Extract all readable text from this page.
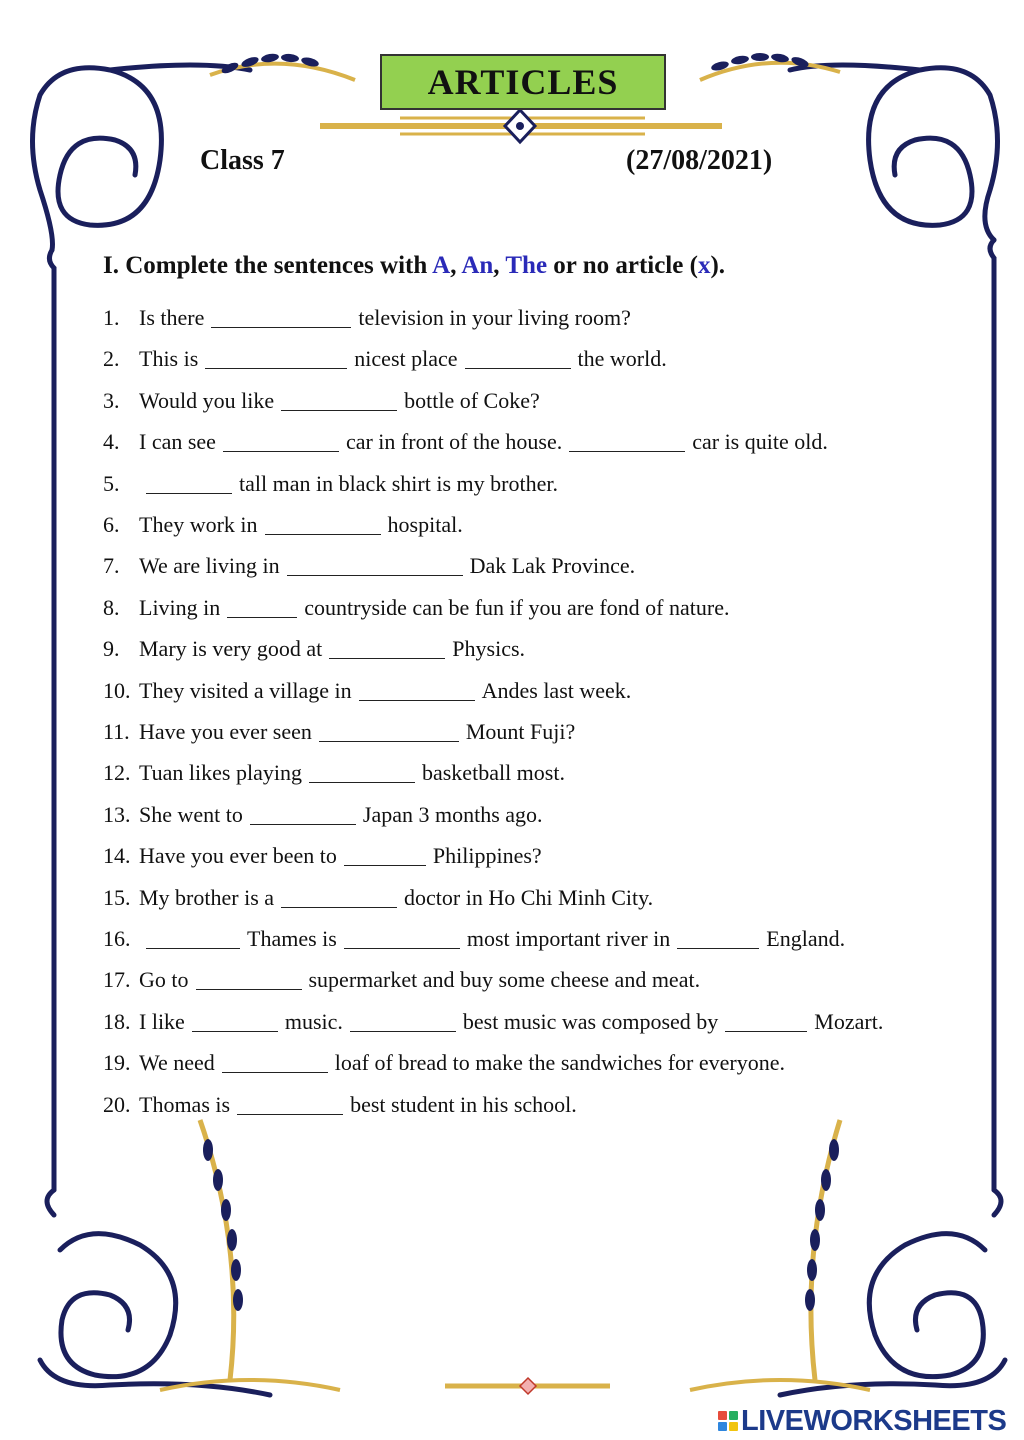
ARTICLES
Class 7	(27/08/2021)
I. Complete the sentences with A, An, The or no article (x).
1. Is there	television in your living room?
2. This is	nicest place	the world.
3. Would you like	bottle of Coke?
4. I can see	car in front of the house.	car is quite old.
5.	tall man in black shirt is my brother.
6. They work in	hospital.
7. We are living in	Dak Lak Province.
8. Living in	countryside can be fun if you are fond of nature.
9. Mary is very good at	Physics.
10. They visited a village in	Andes last week.
11. Have you ever seen	Mount Fuji?
12. Tuan likes playing	basketball most.
13. She went to	Japan 3 months ago.
14. Have you ever been to	Philippines?
15. My brother is a	doctor in Ho Chi Minh City.
16.	Thames is	most important river in	England.
17. Go to	supermarket and buy some cheese and meat.
18. I like	music.	best music was composed by	Mozart.
19. We need	loaf of bread to make the sandwiches for everyone.
20. Thomas is	best student in his school.
LIVEWORKSHEETS
